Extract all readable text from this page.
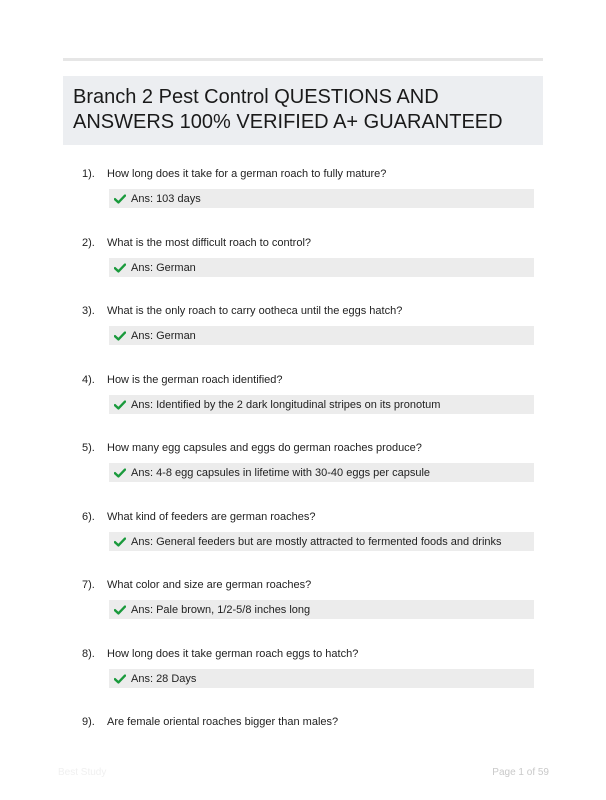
Branch 2 Pest Control QUESTIONS AND ANSWERS 100% VERIFIED A+ GUARANTEED
1). How long does it take for a german roach to fully mature?
Ans: 103 days
2). What is the most difficult roach to control?
Ans: German
3). What is the only roach to carry ootheca until the eggs hatch?
Ans: German
4). How is the german roach identified?
Ans: Identified by the 2 dark longitudinal stripes on its pronotum
5). How many egg capsules and eggs do german roaches produce?
Ans: 4-8 egg capsules in lifetime with 30-40 eggs per capsule
6). What kind of feeders are german roaches?
Ans: General feeders but are mostly attracted to fermented foods and drinks
7). What color and size are german roaches?
Ans: Pale brown, 1/2-5/8 inches long
8). How long does it take german roach eggs to hatch?
Ans: 28 Days
9). Are female oriental roaches bigger than males?
Best Study	Page 1 of 59
